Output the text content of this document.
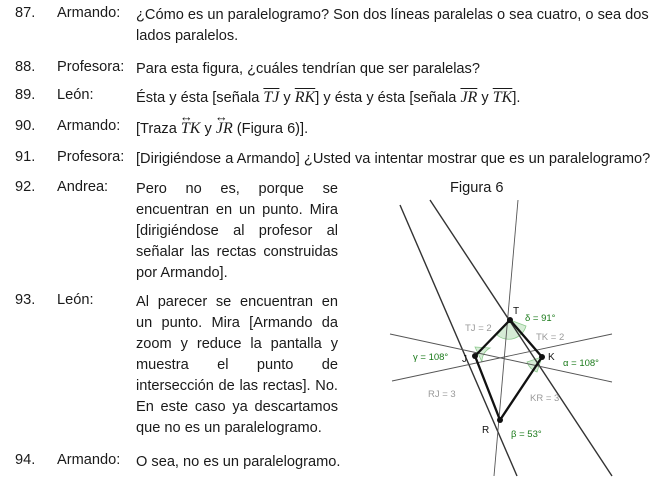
87. Armando: ¿Cómo es un paralelogramo? Son dos líneas paralelas o sea cuatro, o sea dos lados paralelos.
88. Profesora: Para esta figura, ¿cuáles tendrían que ser paralelas?
89. León:	Ésta y ésta [señala $\overline{TJ}$ y $\overline{RK}$] y ésta y ésta [señala $\overline{JR}$ y $\overline{TK}$].
90. Armando: [Traza ↔ TK y ↔ JR (Figura 6)].
91. Profesora: [Dirigiéndose a Armando] ¿Usted va intentar mostrar que es un paralelogramo?
92. Andrea: Pero no es, porque se encuentran en un punto. Mira [dirigiéndose al profesor al señalar las rectas construidas por Armando].
93. León:	Al parecer se encuentran en un punto. Mira [Armando da zoom y reduce la pantalla y muestra el punto de intersección de las rectas]. No. En este caso ya descartamos que no es un paralelogramo.
94. Armando: O sea, no es un paralelogramo.
Figura 6
T
K
R
J
TJ = 2
TK = 2
RJ = 3	KR = 3
δ = 91°
γ = 108°
α = 108°
β = 53°
